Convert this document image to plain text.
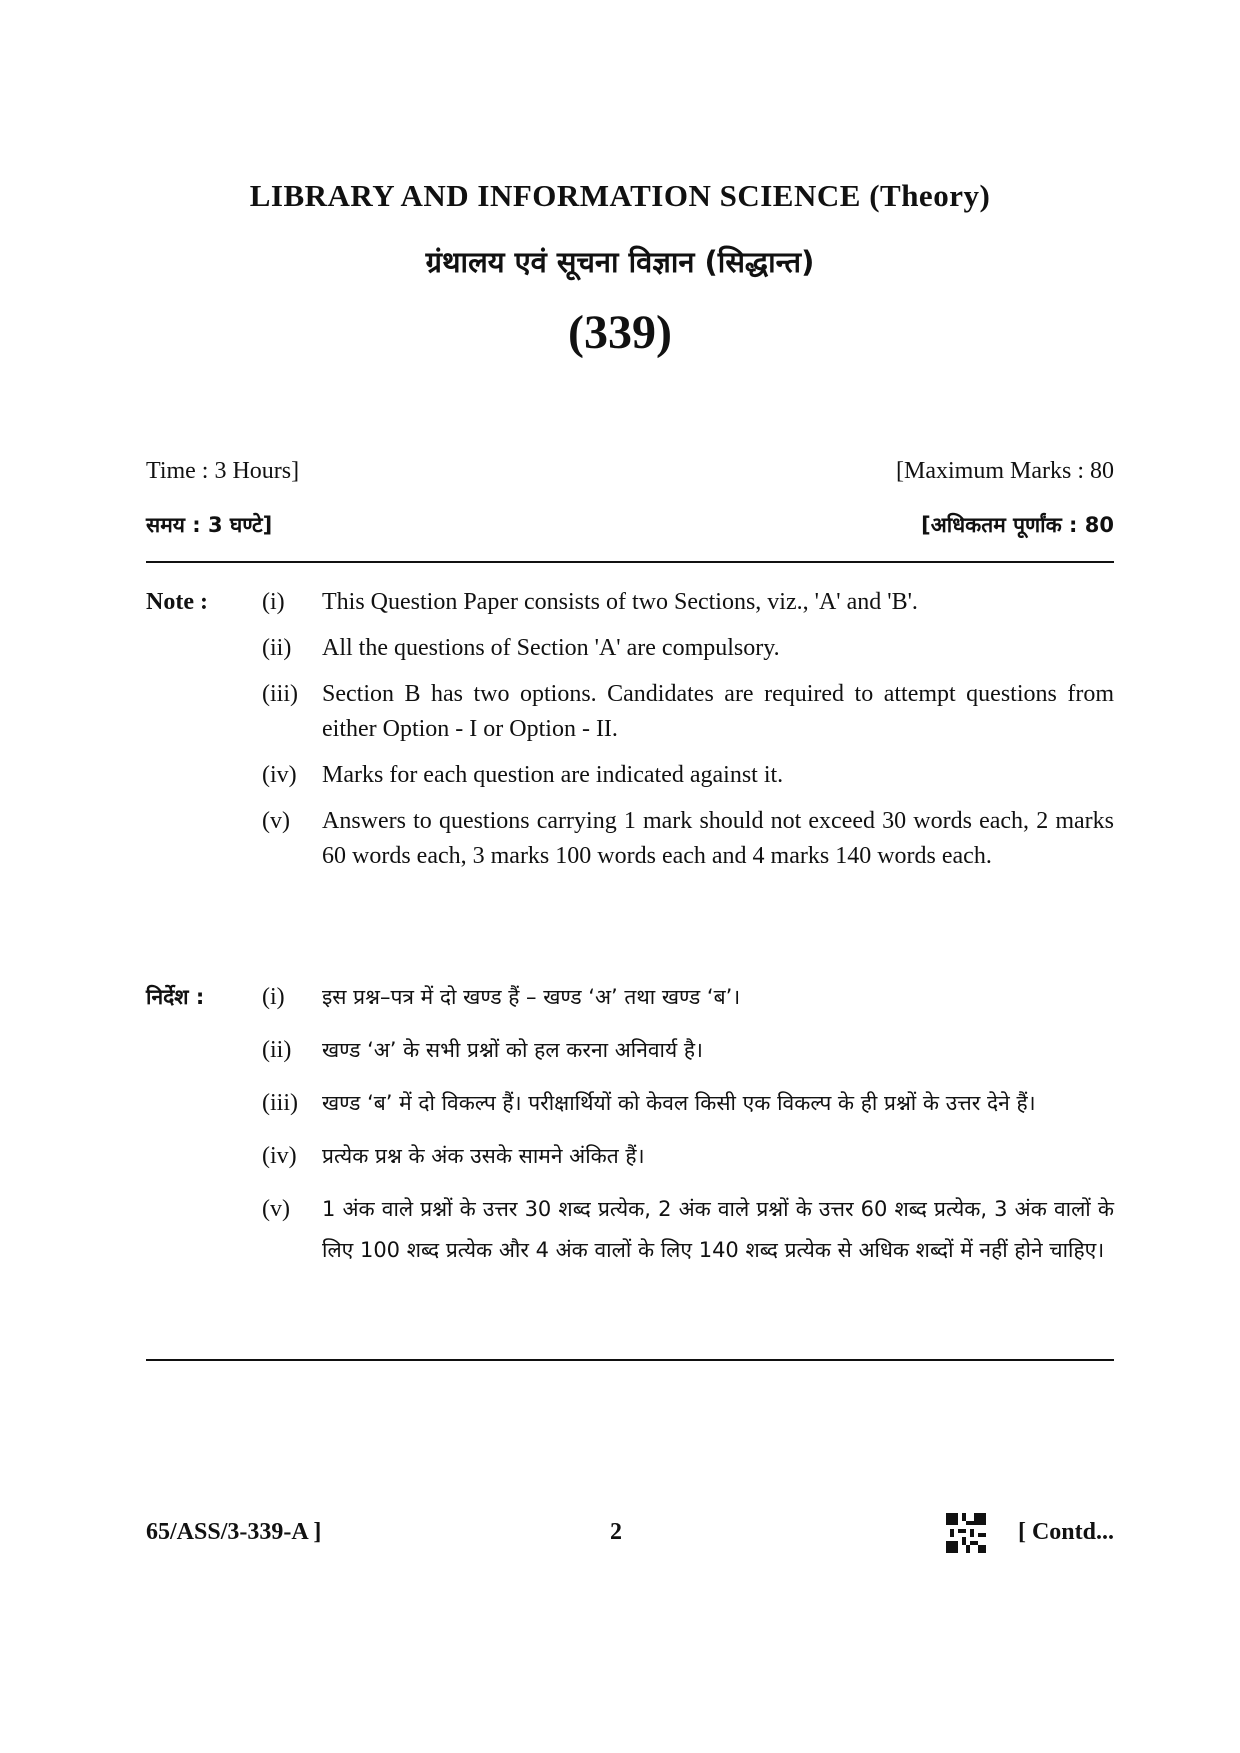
LIBRARY AND INFORMATION SCIENCE (Theory)
ग्रंथालय एवं सूचना विज्ञान (सिद्धान्त)
(339)
Time : 3 Hours]	[Maximum Marks : 80
समय : 3 घण्टे]	[अधिकतम पूर्णांक : 80
Note :	(i)	This Question Paper consists of two Sections, viz., 'A' and 'B'.
(ii)	All the questions of Section 'A' are compulsory.
(iii)	Section B has two options. Candidates are required to attempt questions from either Option - I or Option - II.
(iv)	Marks for each question are indicated against it.
(v)	Answers to questions carrying 1 mark should not exceed 30 words each, 2 marks 60 words each, 3 marks 100 words each and 4 marks 140 words each.
निर्देश :	(i)	इस प्रश्न–पत्र में दो खण्ड हैं – खण्ड ‘अ’ तथा खण्ड ‘ब’।
(ii)	खण्ड ‘अ’ के सभी प्रश्नों को हल करना अनिवार्य है।
(iii)	खण्ड ‘ब’ में दो विकल्प हैं। परीक्षार्थियों को केवल किसी एक विकल्प के ही प्रश्नों के उत्तर देने हैं।
(iv)	प्रत्येक प्रश्न के अंक उसके सामने अंकित हैं।
(v)	1 अंक वाले प्रश्नों के उत्तर 30 शब्द प्रत्येक, 2 अंक वाले प्रश्नों के उत्तर 60 शब्द प्रत्येक, 3 अंक वालों के लिए 100 शब्द प्रत्येक और 4 अंक वालों के लिए 140 शब्द प्रत्येक से अधिक शब्दों में नहीं होने चाहिए।
65/ASS/3-339-A ]	2	[ Contd...
